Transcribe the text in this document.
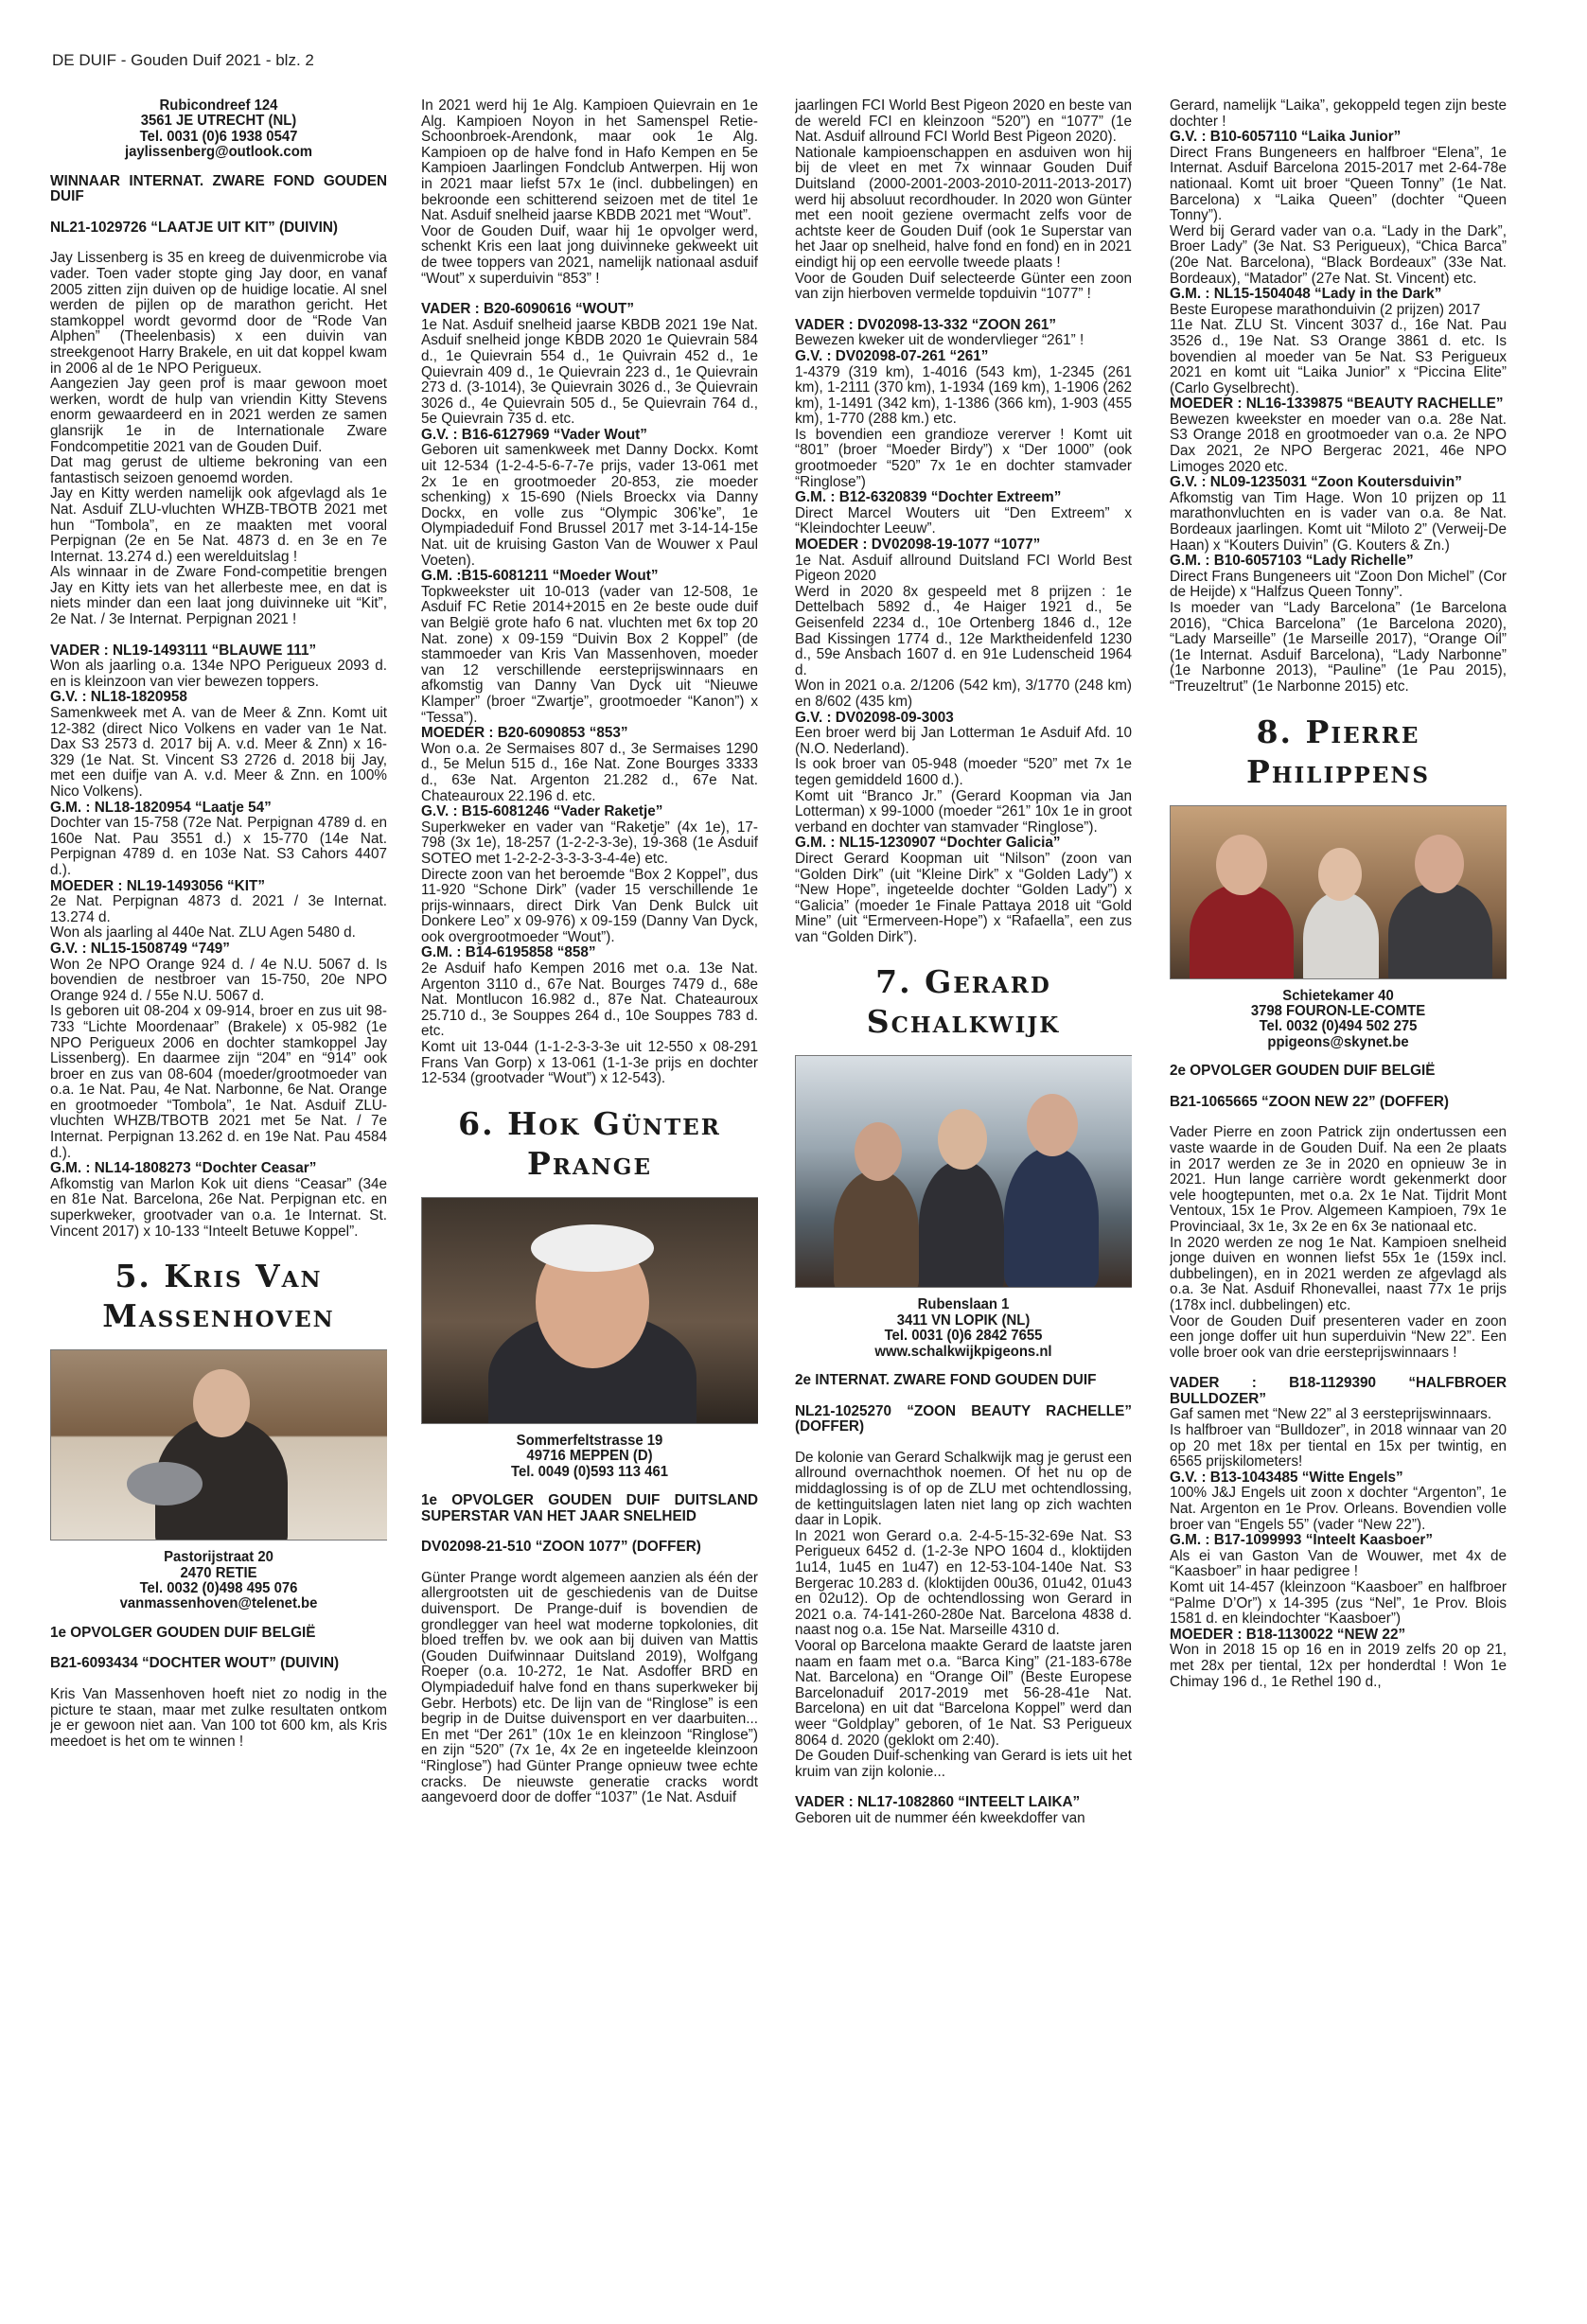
DE DUIF - Gouden Duif 2021 - blz. 2
Rubicondreef 124
3561 JE UTRECHT (NL)
Tel. 0031 (0)6 1938 0547
jaylissenberg@outlook.com

WINNAAR INTERNAT. ZWARE FOND GOUDEN DUIF

NL21-1029726 “LAATJE UIT KIT” (DUIVIN)

Jay Lissenberg is 35 en kreeg de duivenmicrobe via vader. Toen vader stopte ging Jay door, en vanaf 2005 zitten zijn duiven op de huidige locatie. Al snel werden de pijlen op de marathon gericht. Het stamkoppel wordt gevormd door de “Rode Van Alphen” (Theelenbasis) x een duivin van streekgenoot Harry Brakele, en uit dat koppel kwam in 2006 al de 1e NPO Perigueux.

Aangezien Jay geen prof is maar gewoon moet werken, wordt de hulp van vriendin Kitty Stevens enorm gewaardeerd en in 2021 werden ze samen glansrijk 1e in de Internationale Zware Fondcompetitie 2021 van de Gouden Duif.

Dat mag gerust de ultieme bekroning van een fantastisch seizoen genoemd worden.

Jay en Kitty werden namelijk ook afgevlagd als 1e Nat. Asduif ZLU-vluchten WHZB-TBOTB 2021 met hun “Tombola”, en ze maakten met vooral Perpignan (2e en 5e Nat. 4873 d. en 3e en 7e Internat. 13.274 d.) een werelduitslag !

Als winnaar in de Zware Fond-competitie brengen Jay en Kitty iets van het allerbeste mee, en dat is niets minder dan een laat jong duivinneke uit “Kit”, 2e Nat. / 3e Internat. Perpignan 2021 !

VADER : NL19-1493111 “BLAUWE 111”

Won als jaarling o.a. 134e NPO Perigueux 2093 d. en is kleinzoon van vier bewezen toppers.

G.V. : NL18-1820958

Samenkweek met A. van de Meer & Znn. Komt uit 12-382 (direct Nico Volkens en vader van 1e Nat. Dax S3 2573 d. 2017 bij A. v.d. Meer & Znn) x 16-329 (1e Nat. St. Vincent S3 2726 d. 2018 bij Jay, met een duifje van A. v.d. Meer & Znn. en 100% Nico Volkens).

G.M. : NL18-1820954 “Laatje 54”

Dochter van 15-758 (72e Nat. Perpignan 4789 d. en 160e Nat. Pau 3551 d.) x 15-770 (14e Nat. Perpignan 4789 d. en 103e Nat. S3 Cahors 4407 d.).

MOEDER : NL19-1493056 “KIT”

2e Nat. Perpignan 4873 d. 2021 / 3e Internat. 13.274 d.

Won als jaarling al 440e Nat. ZLU Agen 5480 d.

G.V. : NL15-1508749 “749”

Won 2e NPO Orange 924 d. / 4e N.U. 5067 d. Is bovendien de nestbroer van 15-750, 20e NPO Orange 924 d. / 55e N.U. 5067 d.

Is geboren uit 08-204 x 09-914, broer en zus uit 98-733 “Lichte Moordenaar” (Brakele) x 05-982 (1e NPO Perigueux 2006 en dochter stamkoppel Jay Lissenberg). En daarmee zijn “204” en “914” ook broer en zus van 08-604 (moeder/grootmoeder van o.a. 1e Nat. Pau, 4e Nat. Narbonne, 6e Nat. Orange en grootmoeder “Tombola”, 1e Nat. Asduif ZLU-vluchten WHZB/TBOTB 2021 met 5e Nat. / 7e Internat. Perpignan 13.262 d. en 19e Nat. Pau 4584 d.).

G.M. : NL14-1808273 “Dochter Ceasar”

Afkomstig van Marlon Kok uit diens “Ceasar” (34e en 81e Nat. Barcelona, 26e Nat. Perpignan etc. en superkweker, grootvader van o.a. 1e Internat. St. Vincent 2017) x 10-133 “Inteelt Betuwe Koppel”.

5. Kris Van Massenhoven
Pastorijstraat 20
2470 RETIE
Tel. 0032 (0)498 495 076
vanmassenhoven@telenet.be

1e OPVOLGER GOUDEN DUIF BELGIË

B21-6093434 “DOCHTER WOUT” (DUIVIN)

Kris Van Massenhoven hoeft niet zo nodig in the picture te staan, maar met zulke resultaten ontkom je er gewoon niet aan. Van 100 tot 600 km, als Kris meedoet is het om te winnen !

In 2021 werd hij 1e Alg. Kampioen Quievrain en 1e Alg. Kampioen Noyon in het Samenspel Retie-Schoonbroek-Arendonk, maar ook 1e Alg. Kampioen op de halve fond in Hafo Kempen en 5e Kampioen Jaarlingen Fondclub Antwerpen. Hij won in 2021 maar liefst 57x 1e (incl. dubbelingen) en bekroonde een schitterend seizoen met de titel 1e Nat. Asduif snelheid jaarse KBDB 2021 met “Wout”.

Voor de Gouden Duif, waar hij 1e opvolger werd, schenkt Kris een laat jong duivinneke gekweekt uit de twee toppers van 2021, namelijk nationaal asduif “Wout” x superduivin “853” !

VADER : B20-6090616 “WOUT”

1e Nat. Asduif snelheid jaarse KBDB 2021 19e Nat. Asduif snelheid jonge KBDB 2020 1e Quievrain 584 d., 1e Quievrain 554 d., 1e Quivrain 452 d., 1e Quievrain 409 d., 1e Quievrain 223 d., 1e Quievrain 273 d. (3-1014), 3e Quievrain 3026 d., 3e Quievrain 3026 d., 4e Quievrain 505 d., 5e Quievrain 764 d., 5e Quievrain 735 d. etc.

G.V. : B16-6127969 “Vader Wout”

Geboren uit samenkweek met Danny Dockx. Komt uit 12-534 (1-2-4-5-6-7-7e prijs, vader 13-061 met 2x 1e en grootmoeder 20-853, zie moeder schenking) x 15-690 (Niels Broeckx via Danny Dockx, en volle zus “Olympic 306’ke”, 1e Olympiadeduif Fond Brussel 2017 met 3-14-14-15e Nat. uit de kruising Gaston Van de Wouwer x Paul Voeten).

G.M. :B15-6081211 “Moeder Wout”

Topkweekster uit 10-013 (vader van 12-508, 1e Asduif FC Retie 2014+2015 en 2e beste oude duif van België grote hafo 6 nat. vluchten met 6x top 20 Nat. zone) x 09-159 “Duivin Box 2 Koppel” (de stammoeder van Kris Van Massenhoven, moeder van 12 verschillende eersteprijswinnaars en afkomstig van Danny Van Dyck uit “Nieuwe Klamper” (broer “Zwartje”, grootmoeder “Kanon”) x “Tessa”).

MOEDER : B20-6090853 “853”

Won o.a. 2e Sermaises 807 d., 3e Sermaises 1290 d., 5e Melun 515 d., 16e Nat. Zone Bourges 3333 d., 63e Nat. Argenton 21.282 d., 67e Nat. Chateauroux 22.196 d. etc.

G.V. : B15-6081246 “Vader Raketje”

Superkweker en vader van “Raketje” (4x 1e), 17-798 (3x 1e), 18-257 (1-2-2-3-3e), 19-368 (1e Asduif SOTEO met 1-2-2-2-3-3-3-3-4-4e) etc.

Directe zoon van het beroemde “Box 2 Koppel”, dus 11-920 “Schone Dirk” (vader 15 verschillende 1e prijs-winnaars, direct Dirk Van Denk Bulck uit Donkere Leo” x 09-976) x 09-159 (Danny Van Dyck, ook overgrootmoeder “Wout”).

G.M. : B14-6195858 “858”

2e Asduif hafo Kempen 2016 met o.a. 13e Nat. Argenton 3110 d., 67e Nat. Bourges 7479 d., 68e Nat. Montlucon 16.982 d., 87e Nat. Chateauroux 25.710 d., 3e Souppes 264 d., 10e Souppes 783 d. etc.

Komt uit 13-044 (1-1-2-3-3-3e uit 12-550 x 08-291 Frans Van Gorp) x 13-061 (1-1-3e prijs en dochter 12-534 (grootvader “Wout”) x 12-543).

6. Hok Günter Prange
Sommerfeltstrasse 19
49716 MEPPEN (D)
Tel. 0049 (0)593 113 461

1e OPVOLGER GOUDEN DUIF DUITSLAND SUPERSTAR VAN HET JAAR SNELHEID

DV02098-21-510 “ZOON 1077” (DOFFER)

Günter Prange wordt algemeen aanzien als één der allergrootsten uit de geschiedenis van de Duitse duivensport. De Prange-duif is bovendien de grondlegger van heel wat moderne topkolonies, dit bloed treffen bv. we ook aan bij duiven van Mattis (Gouden Duifwinnaar Duitsland 2019), Wolfgang Roeper (o.a. 10-272, 1e Nat. Asdoffer BRD en Olympiadeduif halve fond en thans superkweker bij Gebr. Herbots) etc. De lijn van de “Ringlose” is een begrip in de Duitse duivensport en ver daarbuiten... En met “Der 261” (10x 1e en kleinzoon “Ringlose”) en zijn “520” (7x 1e, 4x 2e en ingeteelde kleinzoon “Ringlose”) had Günter Prange opnieuw twee echte cracks. De nieuwste generatie cracks wordt aangevoerd door de doffer “1037” (1e Nat. Asduif

jaarlingen FCI World Best Pigeon 2020 en beste van de wereld FCI en kleinzoon “520”) en “1077” (1e Nat. Asduif allround FCI World Best Pigeon 2020).

Nationale kampioenschappen en asduiven won hij bij de vleet en met 7x winnaar Gouden Duif Duitsland (2000-2001-2003-2010-2011-2013-2017) werd hij absoluut recordhouder. In 2020 won Günter met een nooit geziene overmacht zelfs voor de achtste keer de Gouden Duif (ook 1e Superstar van het Jaar op snelheid, halve fond en fond) en in 2021 eindigt hij op een eervolle tweede plaats !

Voor de Gouden Duif selecteerde Günter een zoon van zijn hierboven vermelde topduivin “1077” !

VADER : DV02098-13-332 “ZOON 261”

Bewezen kweker uit de wondervlieger “261” !

G.V. : DV02098-07-261 “261”

1-4379 (319 km), 1-4016 (543 km), 1-2345 (261 km), 1-2111 (370 km), 1-1934 (169 km), 1-1906 (262 km), 1-1491 (342 km), 1-1386 (366 km), 1-903 (455 km), 1-770 (288 km.) etc.

Is bovendien een grandioze vererver ! Komt uit “801” (broer “Moeder Birdy”) x “Der 1000” (ook grootmoeder “520” 7x 1e en dochter stamvader “Ringlose”)

G.M. : B12-6320839 “Dochter Extreem”

Direct Marcel Wouters uit “Den Extreem” x “Kleindochter Leeuw”.

MOEDER : DV02098-19-1077 “1077”

1e Nat. Asduif allround Duitsland FCI World Best Pigeon 2020

Werd in 2020 8x gespeeld met 8 prijzen : 1e Dettelbach 5892 d., 4e Haiger 1921 d., 5e Geisenfeld 2234 d., 10e Ortenberg 1846 d., 12e Bad Kissingen 1774 d., 12e Marktheidenfeld 1230 d., 59e Ansbach 1607 d. en 91e Ludenscheid 1964 d.

Won in 2021 o.a. 2/1206 (542 km), 3/1770 (248 km) en 8/602 (435 km)

G.V. : DV02098-09-3003

Een broer werd bij Jan Lotterman 1e Asduif Afd. 10 (N.O. Nederland).

Is ook broer van 05-948 (moeder “520” met 7x 1e tegen gemiddeld 1600 d.).

Komt uit “Branco Jr.” (Gerard Koopman via Jan Lotterman) x 99-1000 (moeder “261” 10x 1e in groot verband en dochter van stamvader “Ringlose”).

G.M. : NL15-1230907 “Dochter Galicia”

Direct Gerard Koopman uit “Nilson” (zoon van “Golden Dirk” (uit “Kleine Dirk” x “Golden Lady”) x “New Hope”, ingeteelde dochter “Golden Lady”) x “Galicia” (moeder 1e Finale Pattaya 2018 uit “Gold Mine” (uit “Ermerveen-Hope”) x “Rafaella”, een zus van “Golden Dirk”).

7. Gerard Schalkwijk
Rubenslaan 1
3411 VN LOPIK (NL)
Tel. 0031 (0)6 2842 7655
www.schalkwijkpigeons.nl

2e INTERNAT. ZWARE FOND GOUDEN DUIF

NL21-1025270 “ZOON BEAUTY RACHELLE” (DOFFER)

De kolonie van Gerard Schalkwijk mag je gerust een allround overnachthok noemen. Of het nu op de middaglossing is of op de ZLU met ochtendlossing, de kettinguitslagen laten niet lang op zich wachten daar in Lopik.

In 2021 won Gerard o.a. 2-4-5-15-32-69e Nat. S3 Perigueux 6452 d. (1-2-3e NPO 1604 d., kloktijden 1u14, 1u45 en 1u47) en 12-53-104-140e Nat. S3 Bergerac 10.283 d. (kloktijden 00u36, 01u42, 01u43 en 02u12). Op de ochtendlossing won Gerard in 2021 o.a. 74-141-260-280e Nat. Barcelona 4838 d. naast nog o.a. 15e Nat. Marseille 4310 d.

Vooral op Barcelona maakte Gerard de laatste jaren naam en faam met o.a. “Barca King” (21-183-678e Nat. Barcelona) en “Orange Oil” (Beste Europese Barcelonaduif 2017-2019 met 56-28-41e Nat. Barcelona) en uit dat “Barcelona Koppel” werd dan weer “Goldplay” geboren, of 1e Nat. S3 Perigueux 8064 d. 2020 (geklokt om 2:40).

De Gouden Duif-schenking van Gerard is iets uit het kruim van zijn kolonie...

VADER : NL17-1082860 “INTEELT LAIKA”

Geboren uit de nummer één kweekdoffer van

Gerard, namelijk “Laika”, gekoppeld tegen zijn beste dochter !

G.V. : B10-6057110 “Laika Junior”

Direct Frans Bungeneers en halfbroer “Elena”, 1e Internat. Asduif Barcelona 2015-2017 met 2-64-78e nationaal. Komt uit broer “Queen Tonny” (1e Nat. Barcelona) x “Laika Queen” (dochter “Queen Tonny”).

Werd bij Gerard vader van o.a. “Lady in the Dark”, Broer Lady” (3e Nat. S3 Perigueux), “Chica Barca” (20e Nat. Barcelona), “Black Bordeaux” (33e Nat. Bordeaux), “Matador” (27e Nat. St. Vincent) etc.

G.M. : NL15-1504048 “Lady in the Dark”

Beste Europese marathonduivin (2 prijzen) 2017

11e Nat. ZLU St. Vincent 3037 d., 16e Nat. Pau 3526 d., 19e Nat. S3 Orange 3861 d. etc. Is bovendien al moeder van 5e Nat. S3 Perigueux 2021 en komt uit “Laika Junior” x “Piccina Elite” (Carlo Gyselbrecht).

MOEDER : NL16-1339875 “BEAUTY RACHELLE”

Bewezen kweekster en moeder van o.a. 28e Nat. S3 Orange 2018 en grootmoeder van o.a. 2e NPO Dax 2021, 2e NPO Bergerac 2021, 46e NPO Limoges 2020 etc.

G.V. : NL09-1235031 “Zoon Koutersduivin”

Afkomstig van Tim Hage. Won 10 prijzen op 11 marathonvluchten en is vader van o.a. 8e Nat. Bordeaux jaarlingen. Komt uit “Miloto 2” (Verweij-De Haan) x “Kouters Duivin” (G. Kouters & Zn.)

G.M. : B10-6057103 “Lady Richelle”

Direct Frans Bungeneers uit “Zoon Don Michel” (Cor de Heijde) x “Halfzus Queen Tonny”.

Is moeder van “Lady Barcelona” (1e Barcelona 2016), “Chica Barcelona” (1e Barcelona 2020), “Lady Marseille” (1e Marseille 2017), “Orange Oil” (1e Internat. Asduif Barcelona), “Lady Narbonne” (1e Narbonne 2013), “Pauline” (1e Pau 2015), “Treuzeltrut” (1e Narbonne 2015) etc.

8. Pierre Philippens
Schietekamer 40
3798 FOURON-LE-COMTE
Tel. 0032 (0)494 502 275
ppigeons@skynet.be

2e OPVOLGER GOUDEN DUIF BELGIË

B21-1065665 “ZOON NEW 22” (DOFFER)

Vader Pierre en zoon Patrick zijn ondertussen een vaste waarde in de Gouden Duif. Na een 2e plaats in 2017 werden ze 3e in 2020 en opnieuw 3e in 2021. Hun lange carrière wordt gekenmerkt door vele hoogtepunten, met o.a. 2x 1e Nat. Tijdrit Mont Ventoux, 15x 1e Prov. Algemeen Kampioen, 79x 1e Provinciaal, 3x 1e, 3x 2e en 6x 3e nationaal etc.

In 2020 werden ze nog 1e Nat. Kampioen snelheid jonge duiven en wonnen liefst 55x 1e (159x incl. dubbelingen), en in 2021 werden ze afgevlagd als o.a. 3e Nat. Asduif Rhonevallei, naast 77x 1e prijs (178x incl. dubbelingen) etc.

Voor de Gouden Duif presenteren vader en zoon een jonge doffer uit hun superduivin “New 22”. Een volle broer ook van drie eersteprijswinnaars !

VADER : B18-1129390 “HALFBROER BULLDOZER”

Gaf samen met “New 22” al 3 eersteprijswinnaars.

Is halfbroer van “Bulldozer”, in 2018 winnaar van 20 op 20 met 18x per tiental en 15x per twintig, en 6565 prijskilometers!

G.V. : B13-1043485 “Witte Engels”

100% J&J Engels uit zoon x dochter “Argenton”, 1e Nat. Argenton en 1e Prov. Orleans. Bovendien volle broer van “Engels 55” (vader “New 22”).

G.M. : B17-1099993 “Inteelt Kaasboer”

Als ei van Gaston Van de Wouwer, met 4x de “Kaasboer” in haar pedigree !

Komt uit 14-457 (kleinzoon “Kaasboer” en halfbroer “Palme D’Or”) x 14-395 (zus “Nel”, 1e Prov. Blois 1581 d. en kleindochter “Kaasboer”)

MOEDER : B18-1130022 “NEW 22”

Won in 2018 15 op 16 en in 2019 zelfs 20 op 21, met 28x per tiental, 12x per honderdtal ! Won 1e Chimay 196 d., 1e Rethel 190 d.,
